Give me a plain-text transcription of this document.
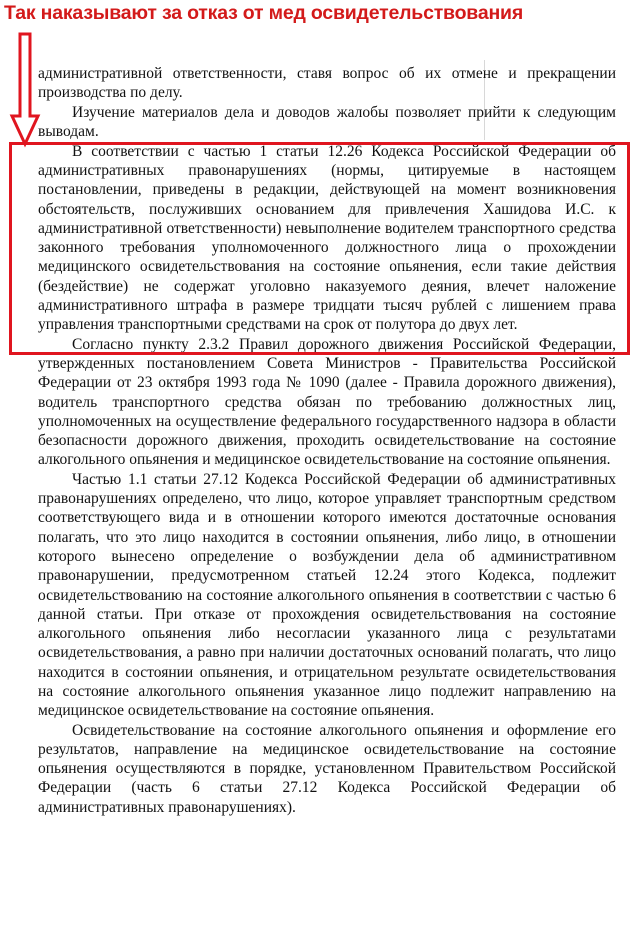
Так наказывают за отказ от мед освидетельствования

административной ответственности, ставя вопрос об их отмене и прекращении производства по делу.

Изучение материалов дела и доводов жалобы позволяет прийти к следующим выводам.

В соответствии с частью 1 статьи 12.26 Кодекса Российской Федерации об административных правонарушениях (нормы, цитируемые в настоящем постановлении, приведены в редакции, действующей на момент возникновения обстоятельств, послуживших основанием для привлечения Хашидова И.С. к административной ответственности) невыполнение водителем транспортного средства законного требования уполномоченного должностного лица о прохождении медицинского освидетельствования на состояние опьянения, если такие действия (бездействие) не содержат уголовно наказуемого деяния, влечет наложение административного штрафа в размере тридцати тысяч рублей с лишением права управления транспортными средствами на срок от полутора до двух лет.

Согласно пункту 2.3.2 Правил дорожного движения Российской Федерации, утвержденных постановлением Совета Министров - Правительства Российской Федерации от 23 октября 1993 года № 1090 (далее - Правила дорожного движения), водитель транспортного средства обязан по требованию должностных лиц, уполномоченных на осуществление федерального государственного надзора в области безопасности дорожного движения, проходить освидетельствование на состояние алкогольного опьянения и медицинское освидетельствование на состояние опьянения.

Частью 1.1 статьи 27.12 Кодекса Российской Федерации об административных правонарушениях определено, что лицо, которое управляет транспортным средством соответствующего вида и в отношении которого имеются достаточные основания полагать, что это лицо находится в состоянии опьянения, либо лицо, в отношении которого вынесено определение о возбуждении дела об административном правонарушении, предусмотренном статьей 12.24 этого Кодекса, подлежит освидетельствованию на состояние алкогольного опьянения в соответствии с частью 6 данной статьи. При отказе от прохождения освидетельствования на состояние алкогольного опьянения либо несогласии указанного лица с результатами освидетельствования, а равно при наличии достаточных оснований полагать, что лицо находится в состоянии опьянения, и отрицательном результате освидетельствования на состояние алкогольного опьянения указанное лицо подлежит направлению на медицинское освидетельствование на состояние опьянения.

Освидетельствование на состояние алкогольного опьянения и оформление его результатов, направление на медицинское освидетельствование на состояние опьянения осуществляются в порядке, установленном Правительством Российской Федерации (часть 6 статьи 27.12 Кодекса Российской Федерации об административных правонарушениях).
